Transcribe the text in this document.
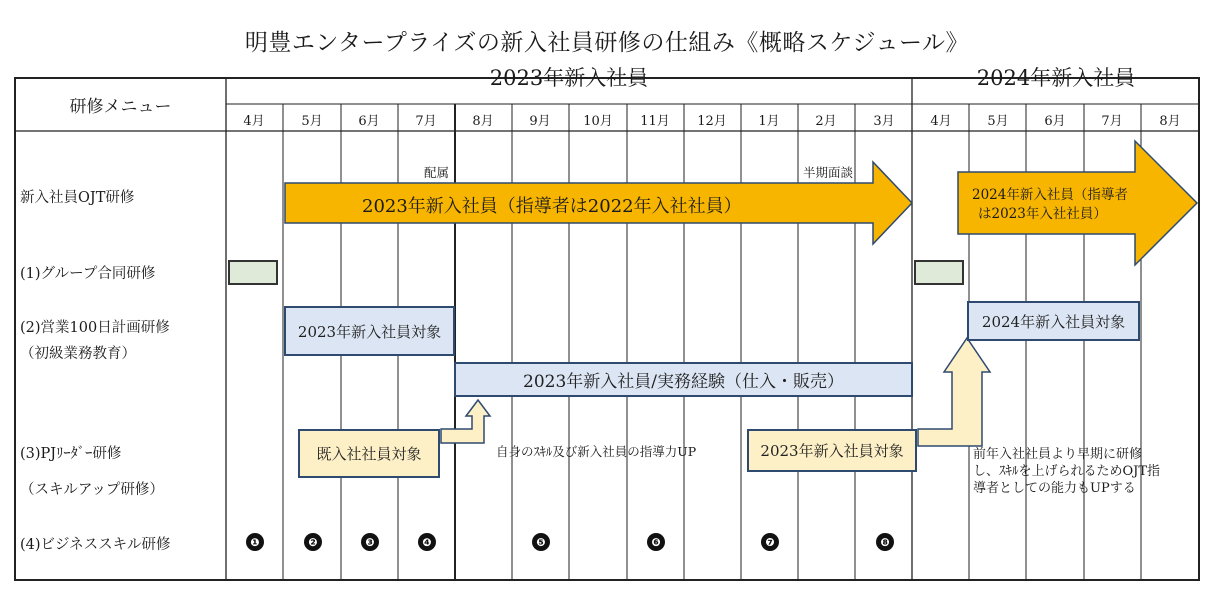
明豊エンタープライズの新入社員研修の仕組み《概略スケジュール》
研修メニュー
2023年新入社員	2024年新入社員
4月	5月	6月	7月	8月	9月	10月	11月	12月	1月	2月	3月	4月	5月	6月	7月	8月
新入社員OJT研修
(1)グループ合同研修
(2)営業100日計画研修
（初級業務教育）
(3)PJﾘｰﾀﾞｰ研修
（スキルアップ研修）
(4)ビジネススキル研修
配属	半期面談
2023年新入社員（指導者は2022年入社社員）
2024年新入社員（指導者
は2023年入社社員）
2023年新入社員対象
2023年新入社員/実務経験（仕入・販売）
2024年新入社員対象
既入社社員対象	2023年新入社員対象
自身のｽｷﾙ及び新入社員の指導力UP	前年入社社員より早期に研修
し、ｽｷﾙを上げられるためOJT指
導者としての能力もUPする
❶	❷	❸	❹	❺	❻	❼	❽
